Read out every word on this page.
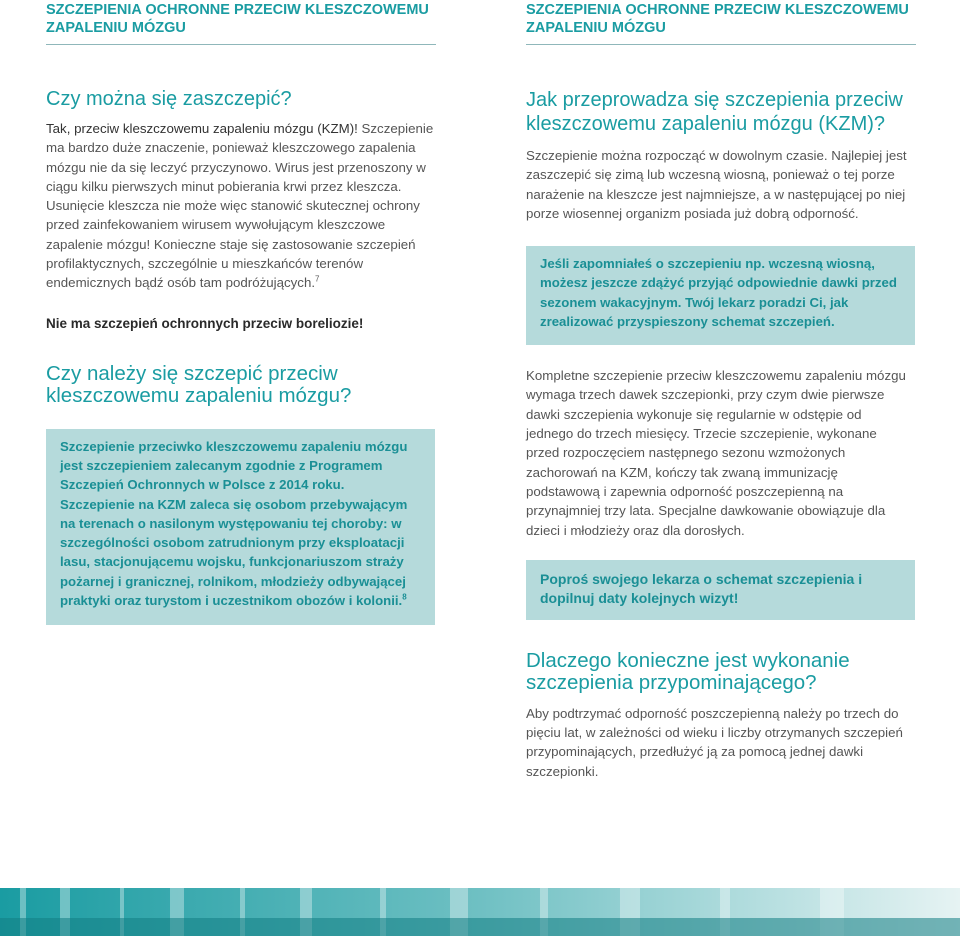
SZCZEPIENIA OCHRONNE PRZECIW KLESZCZOWEMU ZAPALENIU MÓZGU
Czy można się zaszczepić?

Tak, przeciw kleszczowemu zapaleniu mózgu (KZM)! Szczepienie ma bardzo duże znaczenie, ponieważ kleszczowego zapalenia mózgu nie da się leczyć przyczynowo. Wirus jest przenoszony w ciągu kilku pierwszych minut pobierania krwi przez kleszcza. Usunięcie kleszcza nie może więc stanowić skutecznej ochrony przed zainfekowaniem wirusem wywołującym kleszczowe zapalenie mózgu! Konieczne staje się zastosowanie szczepień profilaktycznych, szczególnie u mieszkańców terenów endemicznych bądź osób tam podróżujących.$^7$

Nie ma szczepień ochronnych przeciw boreliozie!
Czy należy się szczepić przeciw kleszczowemu zapaleniu mózgu?
Szczepienie przeciwko kleszczowemu zapaleniu mózgu jest szczepieniem zalecanym zgodnie z Programem Szczepień Ochronnych w Polsce z 2014 roku. Szczepienie na KZM zaleca się osobom przebywającym na terenach o nasilonym występowaniu tej choroby: w szczególności osobom zatrudnionym przy eksploatacji lasu, stacjonującemu wojsku, funkcjonariuszom straży pożarnej i granicznej, rolnikom, młodzieży odbywającej praktyki oraz turystom i uczestnikom obozów i kolonii.$^8$
SZCZEPIENIA OCHRONNE PRZECIW KLESZCZOWEMU ZAPALENIU MÓZGU
Jak przeprowadza się szczepienia przeciw kleszczowemu zapaleniu mózgu (KZM)?

Szczepienie można rozpocząć w dowolnym czasie. Najlepiej jest zaszczepić się zimą lub wczesną wiosną, ponieważ o tej porze narażenie na kleszcze jest najmniejsze, a w następującej po niej porze wiosennej organizm posiada już dobrą odporność.

Jeśli zapomniałeś o szczepieniu np. wczesną wiosną, możesz jeszcze zdążyć przyjąć odpowiednie dawki przed sezonem wakacyjnym. Twój lekarz poradzi Ci, jak zrealizować przyspieszony schemat szczepień.

Kompletne szczepienie przeciw kleszczowemu zapaleniu mózgu wymaga trzech dawek szczepionki, przy czym dwie pierwsze dawki szczepienia wykonuje się regularnie w odstępie od jednego do trzech miesięcy. Trzecie szczepienie, wykonane przed rozpoczęciem następnego sezonu wzmożonych zachorowań na KZM, kończy tak zwaną immunizację podstawową i zapewnia odporność poszczepienną na przynajmniej trzy lata. Specjalne dawkowanie obowiązuje dla dzieci i młodzieży oraz dla dorosłych.

Poproś swojego lekarza o schemat szczepienia i dopilnuj daty kolejnych wizyt!
Dlaczego konieczne jest wykonanie szczepienia przypominającego?

Aby podtrzymać odporność poszczepienną należy po trzech do pięciu lat, w zależności od wieku i liczby otrzymanych szczepień przypominających, przedłużyć ją za pomocą jednej dawki szczepionki.
